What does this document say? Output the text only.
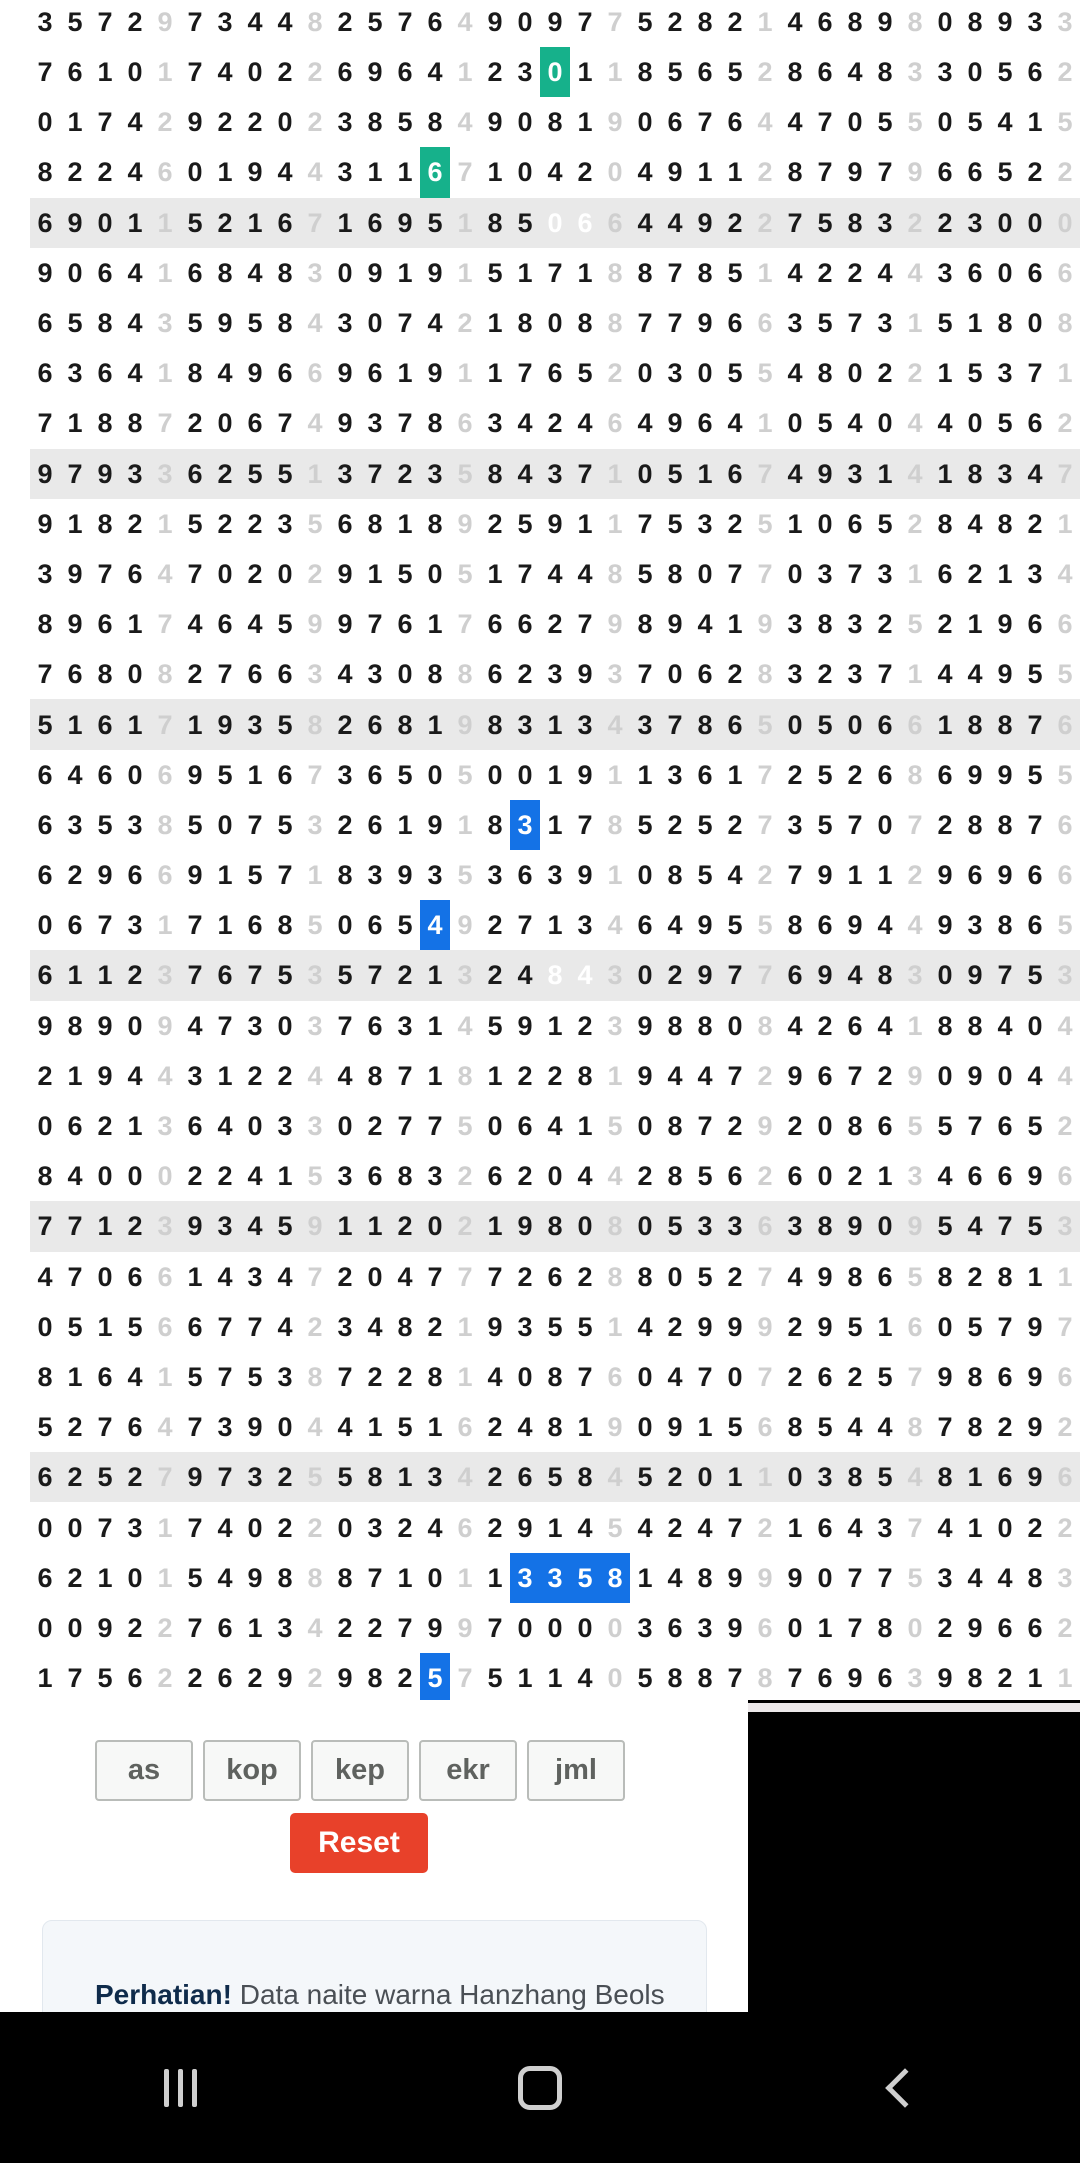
3	5	7	2	9	7	3	4	4	8	2	5	7	6	4	9	0	9	7	7	5	2	8	2	1	4	6	8	9	8	0	8	9	3	3
7	6	1	0	1	7	4	0	2	2	6	9	6	4	1	2	3	0	1	1	8	5	6	5	2	8	6	4	8	3	3	0	5	6	2
0	1	7	4	2	9	2	2	0	2	3	8	5	8	4	9	0	8	1	9	0	6	7	6	4	4	7	0	5	5	0	5	4	1	5
8	2	2	4	6	0	1	9	4	4	3	1	1	6	7	1	0	4	2	0	4	9	1	1	2	8	7	9	7	9	6	6	5	2	2
6	9	0	1	1	5	2	1	6	7	1	6	9	5	1	8	5	0	6	6	4	4	9	2	2	7	5	8	3	2	2	3	0	0	0
9	0	6	4	1	6	8	4	8	3	0	9	1	9	1	5	1	7	1	8	8	7	8	5	1	4	2	2	4	4	3	6	0	6	6
6	5	8	4	3	5	9	5	8	4	3	0	7	4	2	1	8	0	8	8	7	7	9	6	6	3	5	7	3	1	5	1	8	0	8
6	3	6	4	1	8	4	9	6	6	9	6	1	9	1	1	7	6	5	2	0	3	0	5	5	4	8	0	2	2	1	5	3	7	1
7	1	8	8	7	2	0	6	7	4	9	3	7	8	6	3	4	2	4	6	4	9	6	4	1	0	5	4	0	4	4	0	5	6	2
9	7	9	3	3	6	2	5	5	1	3	7	2	3	5	8	4	3	7	1	0	5	1	6	7	4	9	3	1	4	1	8	3	4	7
9	1	8	2	1	5	2	2	3	5	6	8	1	8	9	2	5	9	1	1	7	5	3	2	5	1	0	6	5	2	8	4	8	2	1
3	9	7	6	4	7	0	2	0	2	9	1	5	0	5	1	7	4	4	8	5	8	0	7	7	0	3	7	3	1	6	2	1	3	4
8	9	6	1	7	4	6	4	5	9	9	7	6	1	7	6	6	2	7	9	8	9	4	1	9	3	8	3	2	5	2	1	9	6	6
7	6	8	0	8	2	7	6	6	3	4	3	0	8	8	6	2	3	9	3	7	0	6	2	8	3	2	3	7	1	4	4	9	5	5
5	1	6	1	7	1	9	3	5	8	2	6	8	1	9	8	3	1	3	4	3	7	8	6	5	0	5	0	6	6	1	8	8	7	6
6	4	6	0	6	9	5	1	6	7	3	6	5	0	5	0	0	1	9	1	1	3	6	1	7	2	5	2	6	8	6	9	9	5	5
6	3	5	3	8	5	0	7	5	3	2	6	1	9	1	8	3	1	7	8	5	2	5	2	7	3	5	7	0	7	2	8	8	7	6
6	2	9	6	6	9	1	5	7	1	8	3	9	3	5	3	6	3	9	1	0	8	5	4	2	7	9	1	1	2	9	6	9	6	6
0	6	7	3	1	7	1	6	8	5	0	6	5	4	9	2	7	1	3	4	6	4	9	5	5	8	6	9	4	4	9	3	8	6	5
6	1	1	2	3	7	6	7	5	3	5	7	2	1	3	2	4	8	4	3	0	2	9	7	7	6	9	4	8	3	0	9	7	5	3
9	8	9	0	9	4	7	3	0	3	7	6	3	1	4	5	9	1	2	3	9	8	8	0	8	4	2	6	4	1	8	8	4	0	4
2	1	9	4	4	3	1	2	2	4	4	8	7	1	8	1	2	2	8	1	9	4	4	7	2	9	6	7	2	9	0	9	0	4	4
0	6	2	1	3	6	4	0	3	3	0	2	7	7	5	0	6	4	1	5	0	8	7	2	9	2	0	8	6	5	5	7	6	5	2
8	4	0	0	0	2	2	4	1	5	3	6	8	3	2	6	2	0	4	4	2	8	5	6	2	6	0	2	1	3	4	6	6	9	6
7	7	1	2	3	9	3	4	5	9	1	1	2	0	2	1	9	8	0	8	0	5	3	3	6	3	8	9	0	9	5	4	7	5	3
4	7	0	6	6	1	4	3	4	7	2	0	4	7	7	7	2	6	2	8	8	0	5	2	7	4	9	8	6	5	8	2	8	1	1
0	5	1	5	6	6	7	7	4	2	3	4	8	2	1	9	3	5	5	1	4	2	9	9	9	2	9	5	1	6	0	5	7	9	7
8	1	6	4	1	5	7	5	3	8	7	2	2	8	1	4	0	8	7	6	0	4	7	0	7	2	6	2	5	7	9	8	6	9	6
5	2	7	6	4	7	3	9	0	4	4	1	5	1	6	2	4	8	1	9	0	9	1	5	6	8	5	4	4	8	7	8	2	9	2
6	2	5	2	7	9	7	3	2	5	5	8	1	3	4	2	6	5	8	4	5	2	0	1	1	0	3	8	5	4	8	1	6	9	6
0	0	7	3	1	7	4	0	2	2	0	3	2	4	6	2	9	1	4	5	4	2	4	7	2	1	6	4	3	7	4	1	0	2	2
6	2	1	0	1	5	4	9	8	8	8	7	1	0	1	1	3	3	5	8	1	4	8	9	9	9	0	7	7	5	3	4	4	8	3
0	0	9	2	2	7	6	1	3	4	2	2	7	9	9	7	0	0	0	0	3	6	3	9	6	0	1	7	8	0	2	9	6	6	2
1	7	5	6	2	2	6	2	9	2	9	8	2	5	7	5	1	1	4	0	5	8	8	7	8	7	6	9	6	3	9	8	2	1	1

as	kop	kep	ekr	jml
Reset
Perhatian! Data naite warna Hanzhang Beols
